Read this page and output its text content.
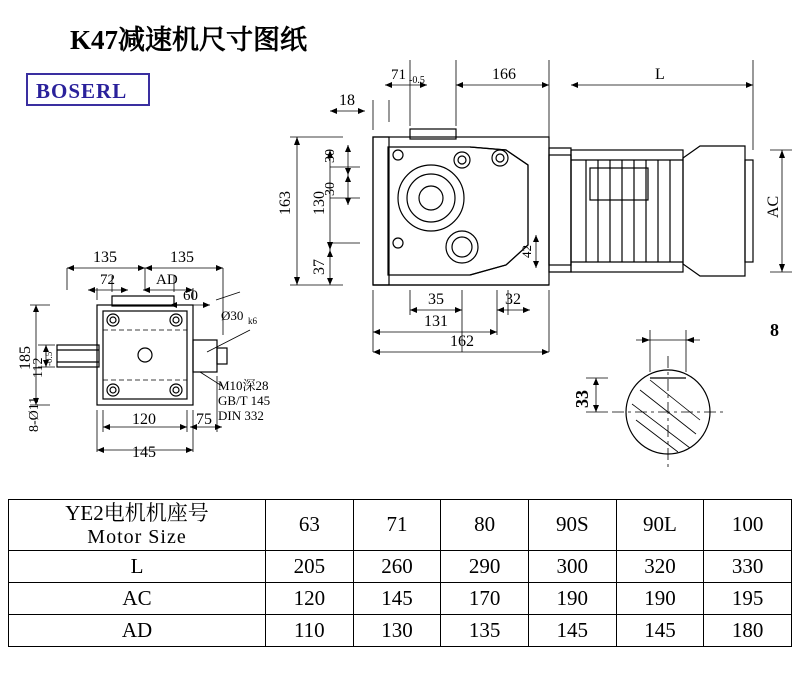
K47减速机尺寸图纸
BOSERL
71 -0.5	166	L
18
30
30
163 130
37
35	32
131
162
AC
42
135	135
72	AD
60
185
112
-0.5
8-Ø11	120	75
145
Ø30 k6
M10深28
GB/T 145
DIN 332
8
33
YE2电机机座号
Motor Size	63	71	80	90S	90L	100
L	205	260	290	300	320	330
AC	120	145	170	190	190	195
AD	110	130	135	145	145	180
